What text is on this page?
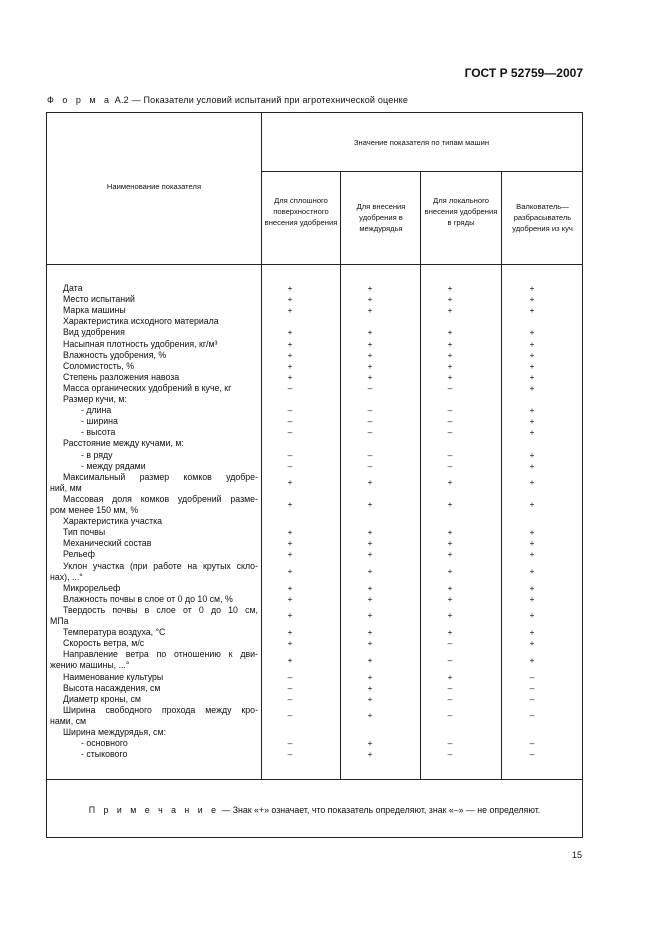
ГОСТ Р 52759—2007
Ф о р м а А.2 — Показатели условий испытаний при агротехнической оценке
Наименование показателя
Значение показателя по типам машин
Для сплошного поверхностного внесения удобрения
Для внесения удобрения в междурядья
Для локального внесения удобрения в гряды
Валкователь— разбрасыватель удобрения из куч
Дата	+	+	+	+
Место испытаний	+	+	+	+
Марка машины	+	+	+	+
Характеристика исходного материала
Вид удобрения	+	+	+	+
Насыпная плотность удобрения, кг/м³	+	+	+	+
Влажность удобрения, %	+	+	+	+
Соломистость, %	+	+	+	+
Степень разложения навоза	+	+	+	+
Масса органических удобрений в куче, кг	–	–	–	+
Размер кучи, м:
- длина	–	–	–	+
- ширина	–	–	–	+
- высота	–	–	–	+
Расстояние между кучами, м:
- в ряду	–	–	–	+
- между рядами	–	–	–	+
Максимальный размер комков удобре-
ний, мм
+	+	+	+
Массовая доля комков удобрений разме-
ром менее 150 мм, %
+	+	+	+
Характеристика участка
Тип почвы	+	+	+	+
Механический состав	+	+	+	+
Рельеф	+	+	+	+
Уклон участка (при работе на крутых скло-
нах), ...°
+	+	+	+
Микрорельеф	+	+	+	+
Влажность почвы в слое от 0 до 10 см, %	+	+	+	+
Твердость почвы в слое от 0 до 10 см,
МПа
+	+	+	+
Температура воздуха, °С	+	+	+	+
Скорость ветра, м/с	+	+	–	+
Направление ветра по отношению к дви-
жению машины, ...°
+	+	–	+
Наименование культуры	–	+	+	–
Высота насаждения, см	–	+	–	–
Диаметр кроны, см	–	+	–	–
Ширина свободного прохода между кро-
нами, см
–	+	–	–
Ширина междурядья, см:
- основного	–	+	–	–
- стыкового	–	+	–	–
П р и м е ч а н и е — Знак «+» означает, что показатель определяют, знак «–» — не определяют.
15
